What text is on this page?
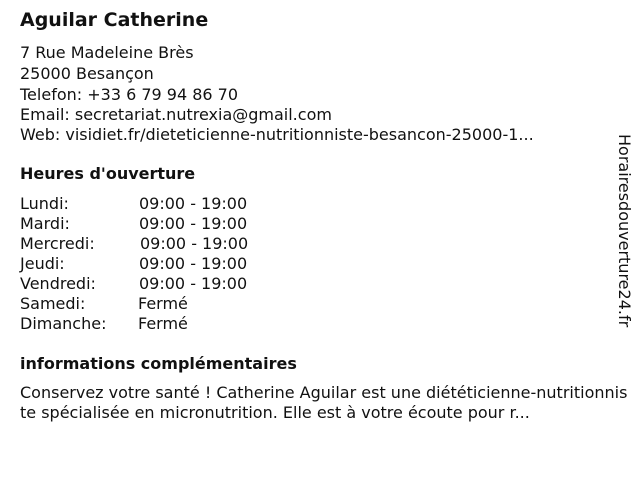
Aguilar Catherine
7 Rue Madeleine Brès
25000 Besançon
Telefon: +33 6 79 94 86 70
Email: secretariat.nutrexia@gmail.com
Web: visidiet.fr/dieteticienne-nutritionniste-besancon-25000-1...
Heures d'ouverture
Lundi:	09:00 - 19:00
Mardi:	09:00 - 19:00
Mercredi:	09:00 - 19:00
Jeudi:	09:00 - 19:00
Vendredi:	09:00 - 19:00
Samedi:	Fermé
Dimanche: Fermé
informations complémentaires
Conservez votre santé ! Catherine Aguilar est une diététicienne-nutritionniste spécialisée en micronutrition. Elle est à votre écoute pour r...
Horairesdouverture24.fr
